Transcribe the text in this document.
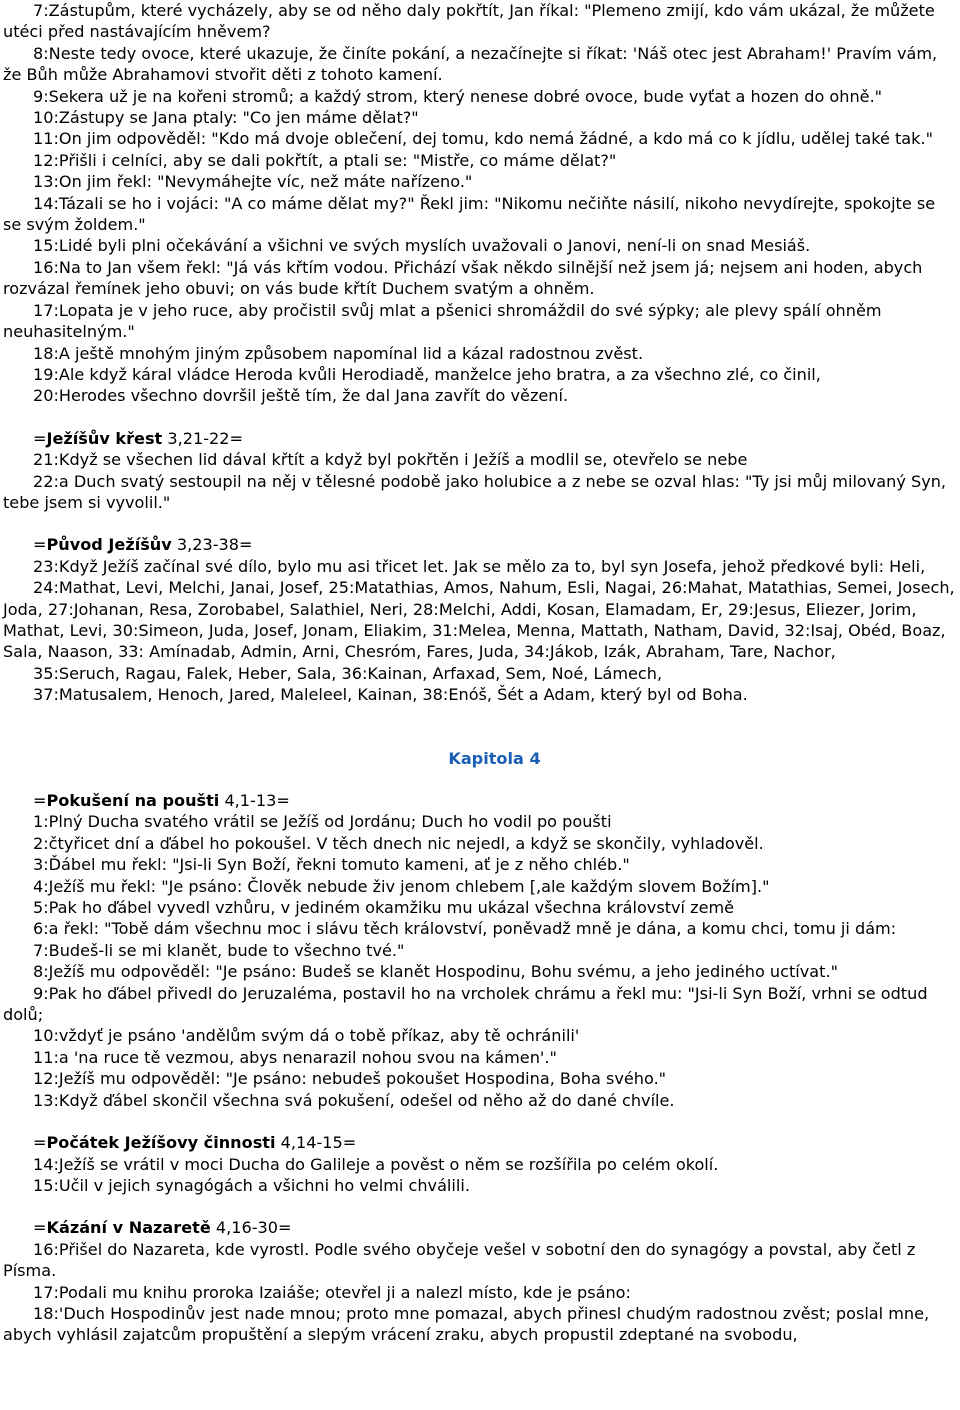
7:Zástupům, které vycházely, aby se od něho daly pokřtít, Jan říkal: "Plemeno zmijí, kdo vám ukázal, že můžete utéci před nastávajícím hněvem?

8:Neste tedy ovoce, které ukazuje, že činíte pokání, a nezačínejte si říkat: 'Náš otec jest Abraham!' Pravím vám, že Bůh může Abrahamovi stvořit děti z tohoto kamení.

9:Sekera už je na kořeni stromů; a každý strom, který nenese dobré ovoce, bude vyťat a hozen do ohně."

10:Zástupy se Jana ptaly: "Co jen máme dělat?"

11:On jim odpověděl: "Kdo má dvoje oblečení, dej tomu, kdo nemá žádné, a kdo má co k jídlu, udělej také tak."

12:Přišli i celníci, aby se dali pokřtít, a ptali se: "Mistře, co máme dělat?"

13:On jim řekl: "Nevymáhejte víc, než máte nařízeno."

14:Tázali se ho i vojáci: "A co máme dělat my?" Řekl jim: "Nikomu nečiňte násilí, nikoho nevydírejte, spokojte se se svým žoldem."

15:Lidé byli plni očekávání a všichni ve svých myslích uvažovali o Janovi, není-li on snad Mesiáš.

16:Na to Jan všem řekl: "Já vás křtím vodou. Přichází však někdo silnější než jsem já; nejsem ani hoden, abych rozvázal řemínek jeho obuvi; on vás bude křtít Duchem svatým a ohněm.

17:Lopata je v jeho ruce, aby pročistil svůj mlat a pšenici shromáždil do své sýpky; ale plevy spálí ohněm neuhasitelným."

18:A ještě mnohým jiným způsobem napomínal lid a kázal radostnou zvěst.

19:Ale když káral vládce Heroda kvůli Herodiadě, manželce jeho bratra, a za všechno zlé, co činil,

20:Herodes všechno dovršil ještě tím, že dal Jana zavřít do vězení.

=Ježíšův křest 3,21-22=

21:Když se všechen lid dával křtít a když byl pokřtěn i Ježíš a modlil se, otevřelo se nebe

22:a Duch svatý sestoupil na něj v tělesné podobě jako holubice a z nebe se ozval hlas: "Ty jsi můj milovaný Syn, tebe jsem si vyvolil."

=Původ Ježíšův 3,23-38=

23:Když Ježíš začínal své dílo, bylo mu asi třicet let. Jak se mělo za to, byl syn Josefa, jehož předkové byli: Heli,

24:Mathat, Levi, Melchi, Janai, Josef, 25:Matathias, Amos, Nahum, Esli, Nagai, 26:Mahat, Matathias, Semei, Josech, Joda, 27:Johanan, Resa, Zorobabel, Salathiel, Neri, 28:Melchi, Addi, Kosan, Elamadam, Er, 29:Jesus, Eliezer, Jorim, Mathat, Levi, 30:Simeon, Juda, Josef, Jonam, Eliakim, 31:Melea, Menna, Mattath, Natham, David, 32:Isaj, Obéd, Boaz, Sala, Naason, 33: Amínadab, Admin, Arni, Chesróm, Fares, Juda, 34:Jákob, Izák, Abraham, Tare, Nachor,

35:Seruch, Ragau, Falek, Heber, Sala, 36:Kainan, Arfaxad, Sem, Noé, Lámech,

37:Matusalem, Henoch, Jared, Maleleel, Kainan, 38:Enóš, Šét a Adam, který byl od Boha.

Kapitola 4

=Pokušení na poušti 4,1-13=

1:Plný Ducha svatého vrátil se Ježíš od Jordánu; Duch ho vodil po poušti

2:čtyřicet dní a ďábel ho pokoušel. V těch dnech nic nejedl, a když se skončily, vyhladověl.

3:Ďábel mu řekl: "Jsi-li Syn Boží, řekni tomuto kameni, ať je z něho chléb."

4:Ježíš mu řekl: "Je psáno: Člověk nebude živ jenom chlebem [,ale každým slovem Božím]."

5:Pak ho ďábel vyvedl vzhůru, v jediném okamžiku mu ukázal všechna království země

6:a řekl: "Tobě dám všechnu moc i slávu těch království, poněvadž mně je dána, a komu chci, tomu ji dám:

7:Budeš-li se mi klanět, bude to všechno tvé."

8:Ježíš mu odpověděl: "Je psáno: Budeš se klanět Hospodinu, Bohu svému, a jeho jediného uctívat."

9:Pak ho ďábel přivedl do Jeruzaléma, postavil ho na vrcholek chrámu a řekl mu: "Jsi-li Syn Boží, vrhni se odtud dolů;

10:vždyť je psáno 'andělům svým dá o tobě příkaz, aby tě ochránili'

11:a 'na ruce tě vezmou, abys nenarazil nohou svou na kámen'."

12:Ježíš mu odpověděl: "Je psáno: nebudeš pokoušet Hospodina, Boha svého."

13:Když ďábel skončil všechna svá pokušení, odešel od něho až do dané chvíle.

=Počátek Ježíšovy činnosti 4,14-15=

14:Ježíš se vrátil v moci Ducha do Galileje a pověst o něm se rozšířila po celém okolí.

15:Učil v jejich synagógách a všichni ho velmi chválili.

=Kázání v Nazaretě 4,16-30=

16:Přišel do Nazareta, kde vyrostl. Podle svého obyčeje vešel v sobotní den do synagógy a povstal, aby četl z Písma.

17:Podali mu knihu proroka Izaiáše; otevřel ji a nalezl místo, kde je psáno:

18:'Duch Hospodinův jest nade mnou; proto mne pomazal, abych přinesl chudým radostnou zvěst; poslal mne, abych vyhlásil zajatcům propuštění a slepým vrácení zraku, abych propustil zdeptané na svobodu,
